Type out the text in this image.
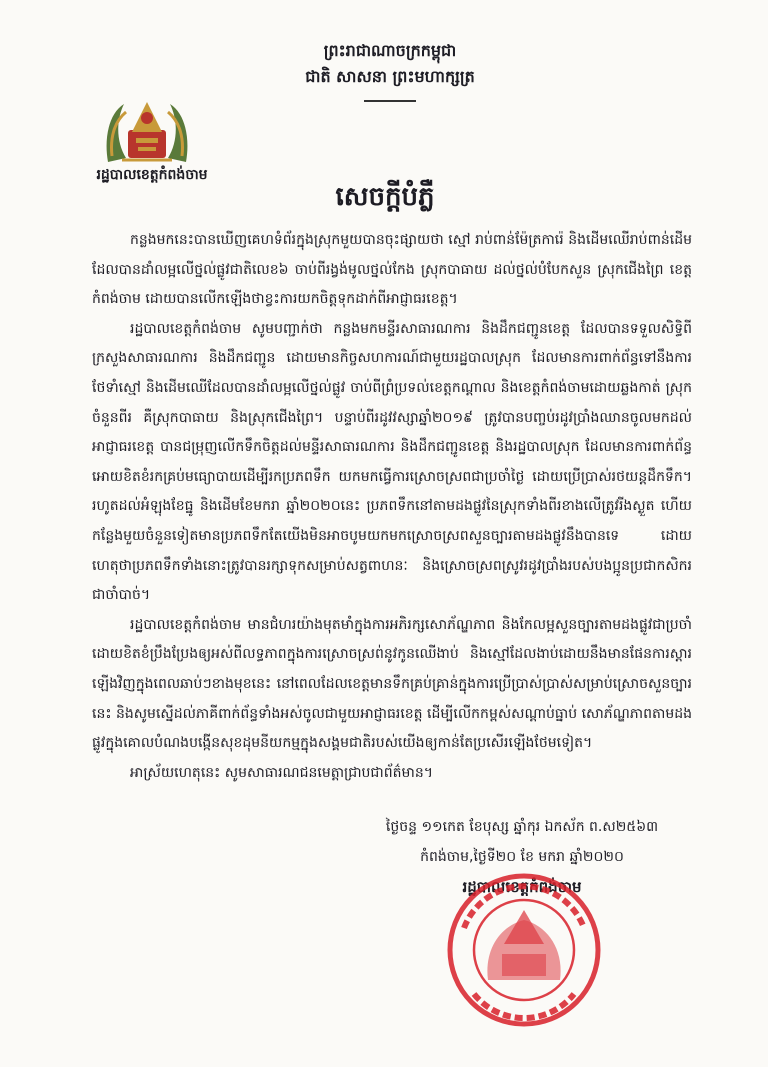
ព្រះរាជាណាចក្រកម្ពុជា
ជាតិ សាសនា ព្រះមហាក្សត្រ
រដ្ឋបាលខេត្តកំពង់ចាម
សេចក្តីបំភ្លឺ

កន្លងមកនេះបានឃើញគេហទំព័រក្នុងស្រុកមួយបានចុះផ្សាយថា ស្មៅ រាប់ពាន់ម៉ែត្រការ៉េ និងដើមឈើរាប់ពាន់ដើមដែលបានដាំលម្អលើថ្នល់ផ្លូវជាតិលេខ៦ ចាប់ពីរង្វង់មូលថ្នល់កែង ស្រុកបាធាយ ដល់ថ្នល់បំបែកសួន ស្រុកជើងព្រៃ ខេត្តកំពង់ចាម ដោយបានលើកឡើងថាខ្វះការយកចិត្តទុកដាក់ពីអាជ្ញាធរខេត្ត។

រដ្ឋបាលខេត្តកំពង់ចាម សូមបញ្ជាក់ថា កន្លងមកមន្ទីរសាធារណការ និងដឹកជញ្ជូនខេត្ត ដែលបានទទួលសិទ្ធិពីក្រសួងសាធារណការ និងដឹកជញ្ជូន ដោយមានកិច្ចសហការណ៍ជាមួយរដ្ឋបាលស្រុក ដែលមានការពាក់ព័ន្ធទៅនឹងការថែទាំស្មៅ និងដើមឈើដែលបានដាំលម្អលើថ្នល់ផ្លូវ ចាប់ពីព្រំប្រទល់ខេត្តកណ្តាល និងខេត្តកំពង់ចាមដោយឆ្លងកាត់ ស្រុកចំនួនពីរ គឺស្រុកបាធាយ និងស្រុកជើងព្រៃ។ បន្ទាប់ពីរដូវវស្សាឆ្នាំ២០១៩ ត្រូវបានបញ្ចប់រដូវប្រាំងឈានចូលមកដល់អាជ្ញាធរខេត្ត បានជម្រុញលើកទឹកចិត្តដល់មន្ទីរសាធារណការ និងដឹកជញ្ជូនខេត្ត និងរដ្ឋបាលស្រុក ដែលមានការពាក់ព័ន្ធអោយខិតខំរកគ្រប់មធ្យោបាយដើម្បីរកប្រភពទឹក យកមកធ្វើការស្រោចស្រពជាប្រចាំថ្ងៃ ដោយប្រើប្រាស់រថយន្តដឹកទឹក។ រហូតដល់អំឡុងខែធ្នូ និងដើមខែមករា ឆ្នាំ២០២០នេះ ប្រភពទឹកនៅតាមដងផ្លូវនៃស្រុកទាំងពីរខាងលើត្រូវរីងស្ងួត ហើយកន្លែងមួយចំនួនទៀតមានប្រភពទឹកតែយើងមិនអាចបូមយកមកស្រោចស្រពសួនច្បារតាមដងផ្លូវនឹងបានទេ ដោយហេតុថាប្រភពទឹកទាំងនោះត្រូវបានរក្សាទុកសម្រាប់សត្វពាហនៈ និងស្រោចស្រពស្រូវរដូវប្រាំងរបស់បងប្អូនប្រជាកសិករជាចាំបាច់។

រដ្ឋបាលខេត្តកំពង់ចាម មានជំហរយ៉ាងមុតមាំក្នុងការអភិរក្សសោភ័ណ្ឌភាព និងកែលម្អសួនច្បារតាមដងផ្លូវជាប្រចាំ ដោយខិតខំប្រឹងប្រែងឲ្យអស់ពីលទ្ធភាពក្នុងការស្រោចស្រព់នូវកូនឈើងាប់ និងស្មៅដែលងាប់ដោយនឹងមានផែនការស្តារឡើងវិញក្នុងពេលឆាប់ៗខាងមុខនេះ នៅពេលដែលខេត្តមានទឹកគ្រប់គ្រាន់ក្នុងការប្រើប្រាស់ប្រាស់សម្រាប់ស្រោចសួនច្បារនេះ និងសូមស្នើដល់ភាគីពាក់ព័ន្ធទាំងអស់ចូលជាមួយអាជ្ញាធរខេត្ត ដើម្បីលើកកម្ពស់សណ្តាប់ធ្នាប់ សោភ័ណ្ឌភាពតាមដងផ្លូវក្នុងគោលបំណងបង្កើនសុខដុមនីយកម្មក្នុងសង្គមជាតិរបស់យើងឲ្យកាន់តែប្រសើរឡើងថែមទៀត។

អាស្រ័យហេតុនេះ សូមសាធារណជនមេត្តាជ្រាបជាព័ត៌មាន។

ថ្ងៃចន្ទ ១១កេត ខែបុស្ស ឆ្នាំកុរ ឯកស័ក ព.ស២៥៦៣
កំពង់ចាម,ថ្ងៃទី២០ ខែ មករា ឆ្នាំ២០២០
រដ្ឋបាលខេត្តកំពង់ចាម
